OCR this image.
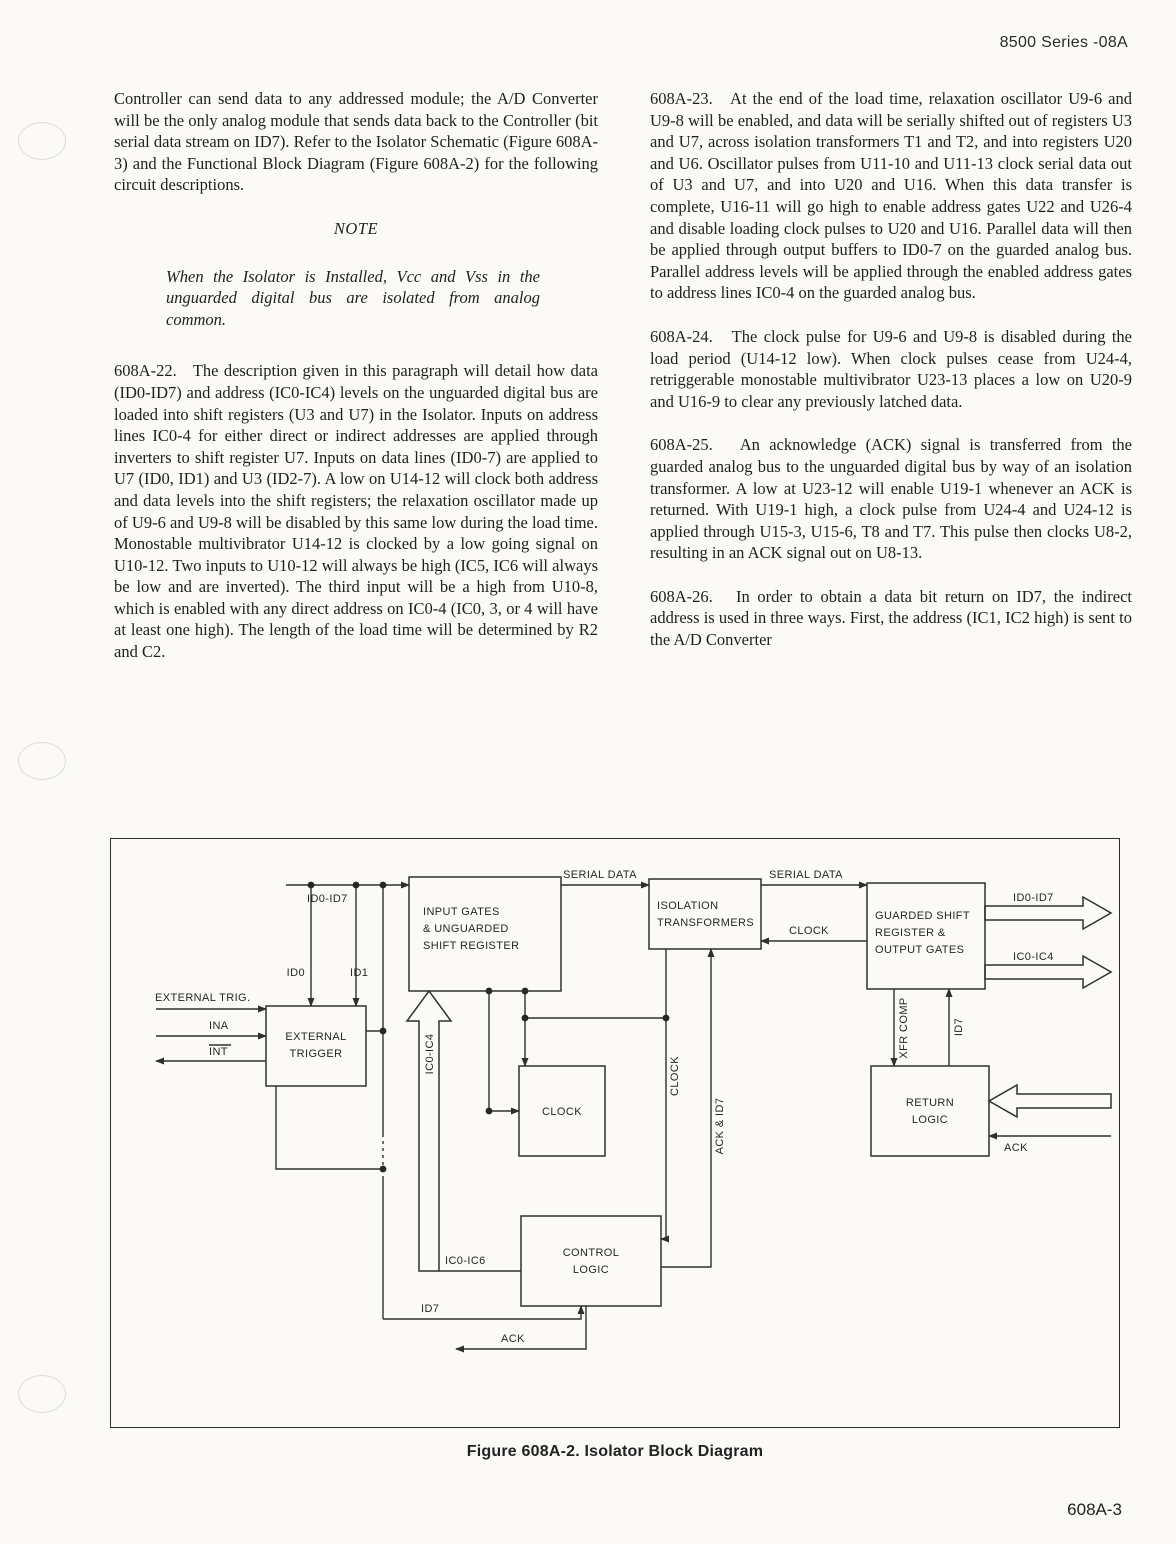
8500 Series -08A

Controller can send data to any addressed module; the A/D Converter will be the only analog module that sends data back to the Controller (bit serial data stream on ID7). Refer to the Isolator Schematic (Figure 608A-3) and the Functional Block Diagram (Figure 608A-2) for the following circuit descriptions.

NOTE

When the Isolator is Installed, Vcc and Vss in the unguarded digital bus are isolated from analog common.

608A-22.   The description given in this paragraph will detail how data (ID0-ID7) and address (IC0-IC4) levels on the unguarded digital bus are loaded into shift registers (U3 and U7) in the Isolator. Inputs on address lines IC0-4 for either direct or indirect addresses are applied through inverters to shift register U7. Inputs on data lines (ID0-7) are applied to U7 (ID0, ID1) and U3 (ID2-7). A low on U14-12 will clock both address and data levels into the shift registers; the relaxation oscillator made up of U9-6 and U9-8 will be disabled by this same low during the load time. Monostable multivibrator U14-12 is clocked by a low going signal on U10-12. Two inputs to U10-12 will always be high (IC5, IC6 will always be low and are inverted). The third input will be a high from U10-8, which is enabled with any direct address on IC0-4 (IC0, 3, or 4 will have at least one high). The length of the load time will be determined by R2 and C2.

608A-23.   At the end of the load time, relaxation oscillator U9-6 and U9-8 will be enabled, and data will be serially shifted out of registers U3 and U7, across isolation transformers T1 and T2, and into registers U20 and U6. Oscillator pulses from U11-10 and U11-13 clock serial data out of U3 and U7, and into U20 and U16. When this data transfer is complete, U16-11 will go high to enable address gates U22 and U26-4 and disable loading clock pulses to U20 and U16. Parallel data will then be applied through output buffers to ID0-7 on the guarded analog bus. Parallel address levels will be applied through the enabled address gates to address lines IC0-4 on the guarded analog bus.

608A-24.   The clock pulse for U9-6 and U9-8 is disabled during the load period (U14-12 low). When clock pulses cease from U24-4, retriggerable monostable multivibrator U23-13 places a low on U20-9 and U16-9 to clear any previously latched data.

608A-25.   An acknowledge (ACK) signal is transferred from the guarded analog bus to the unguarded digital bus by way of an isolation transformer. A low at U23-12 will enable U19-1 whenever an ACK is returned. With U19-1 high, a clock pulse from U24-4 and U24-12 is applied through U15-3, U15-6, T8 and T7. This pulse then clocks U8-2, resulting in an ACK signal out on U8-13.

608A-26.   In order to obtain a data bit return on ID7, the indirect address is used in three ways. First, the address (IC1, IC2 high) is sent to the A/D Converter

INPUT GATES
& UNGUARDED
SHIFT REGISTER
ISOLATION
TRANSFORMERS
GUARDED SHIFT
REGISTER &
OUTPUT GATES
EXTERNAL
TRIGGER
CLOCK
CONTROL
LOGIC
RETURN
LOGIC
SERIAL DATA	SERIAL DATA
ID0-ID7
ID0	ID1
EXTERNAL TRIG.
INA
INT
CLOCK
ID0-ID7
IC0-IC4
IC0-IC4
CLOCK
ACK & ID7
XFR COMP	ID7
ACK
IC0-IC6
ID7
ACK
Figure 608A-2. Isolator Block Diagram
608A-3
